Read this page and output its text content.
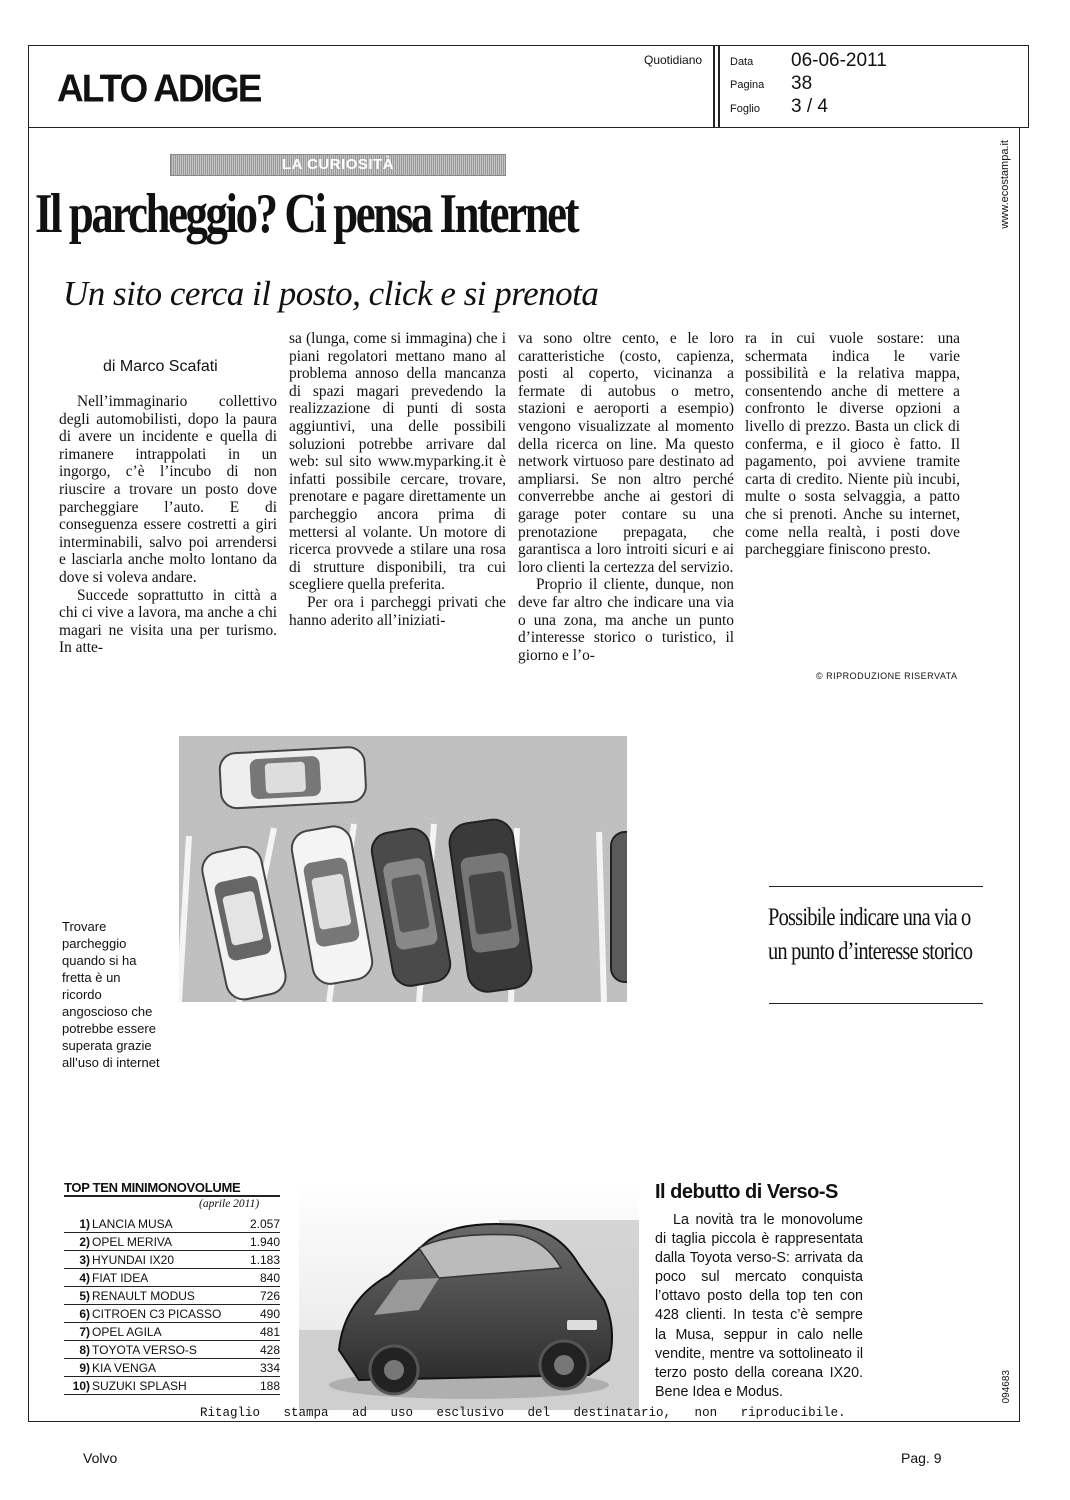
ALTO ADIGE
Quotidiano	Data 06-06-2011
Pagina 38
Foglio 3 / 4
LA CURIOSITÀ
Il parcheggio? Ci pensa Internet
Un sito cerca il posto, click e si prenota
di Marco Scafati

Nell’immaginario collettivo degli automobilisti, dopo la paura di avere un incidente e quella di rimanere intrappolati in un ingorgo, c’è l’incubo di non riuscire a trovare un posto dove parcheggiare l’auto. E di conseguenza essere costretti a giri interminabili, salvo poi arrendersi e lasciarla anche molto lontano da dove si voleva andare.

Succede soprattutto in città a chi ci vive a lavora, ma anche a chi magari ne visita una per turismo. In atte-

sa (lunga, come si immagina) che i piani regolatori mettano mano al problema annoso della mancanza di spazi magari prevedendo la realizzazione di punti di sosta aggiuntivi, una delle possibili soluzioni potrebbe arrivare dal web: sul sito www.myparking.it è infatti possibile cercare, trovare, prenotare e pagare direttamente un parcheggio ancora prima di mettersi al volante. Un motore di ricerca provvede a stilare una rosa di strutture disponibili, tra cui scegliere quella preferita.

Per ora i parcheggi privati che hanno aderito all’iniziati-

va sono oltre cento, e le loro caratteristiche (costo, capienza, posti al coperto, vicinanza a fermate di autobus o metro, stazioni e aeroporti a esempio) vengono visualizzate al momento della ricerca on line. Ma questo network virtuoso pare destinato ad ampliarsi. Se non altro perché converrebbe anche ai gestori di garage poter contare su una prenotazione prepagata, che garantisca a loro introiti sicuri e ai loro clienti la certezza del servizio.

Proprio il cliente, dunque, non deve far altro che indicare una via o una zona, ma anche un punto d’interesse storico o turistico, il giorno e l’o-

ra in cui vuole sostare: una schermata indica le varie possibilità e la relativa mappa, consentendo anche di mettere a confronto le diverse opzioni a livello di prezzo. Basta un click di conferma, e il gioco è fatto. Il pagamento, poi avviene tramite carta di credito. Niente più incubi, multe o sosta selvaggia, a patto che si prenoti. Anche su internet, come nella realtà, i posti dove parcheggiare finiscono presto.

© RIPRODUZIONE RISERVATA
Trovare parcheggio quando si ha fretta è un ricordo angoscioso che potrebbe essere superata grazie all’uso di internet
Possibile indicare una via o un punto d’interesse storico
TOP TEN MINIMONOVOLUME
(aprile 2011)
1)	LANCIA MUSA	2.057
2)	OPEL MERIVA	1.940
3)	HYUNDAI IX20	1.183
4)	FIAT IDEA	840
5)	RENAULT MODUS	726
6)	CITROEN C3 PICASSO	490
7)	OPEL AGILA	481
8)	TOYOTA VERSO-S	428
9)	KIA VENGA	334
10)	SUZUKI SPLASH	188
Il debutto di Verso-S
La novità tra le monovolume di taglia piccola è rappresentata dalla Toyota verso-S: arrivata da poco sul mercato conquista l’ottavo posto della top ten con 428 clienti. In testa c’è sempre la Musa, seppur in calo nelle vendite, mentre va sottolineato il terzo posto della coreana IX20. Bene Idea e Modus.
Ritaglio stampa ad uso esclusivo del destinatario, non riproducibile.
www.ecostampa.it
094683
Volvo	Pag. 9
